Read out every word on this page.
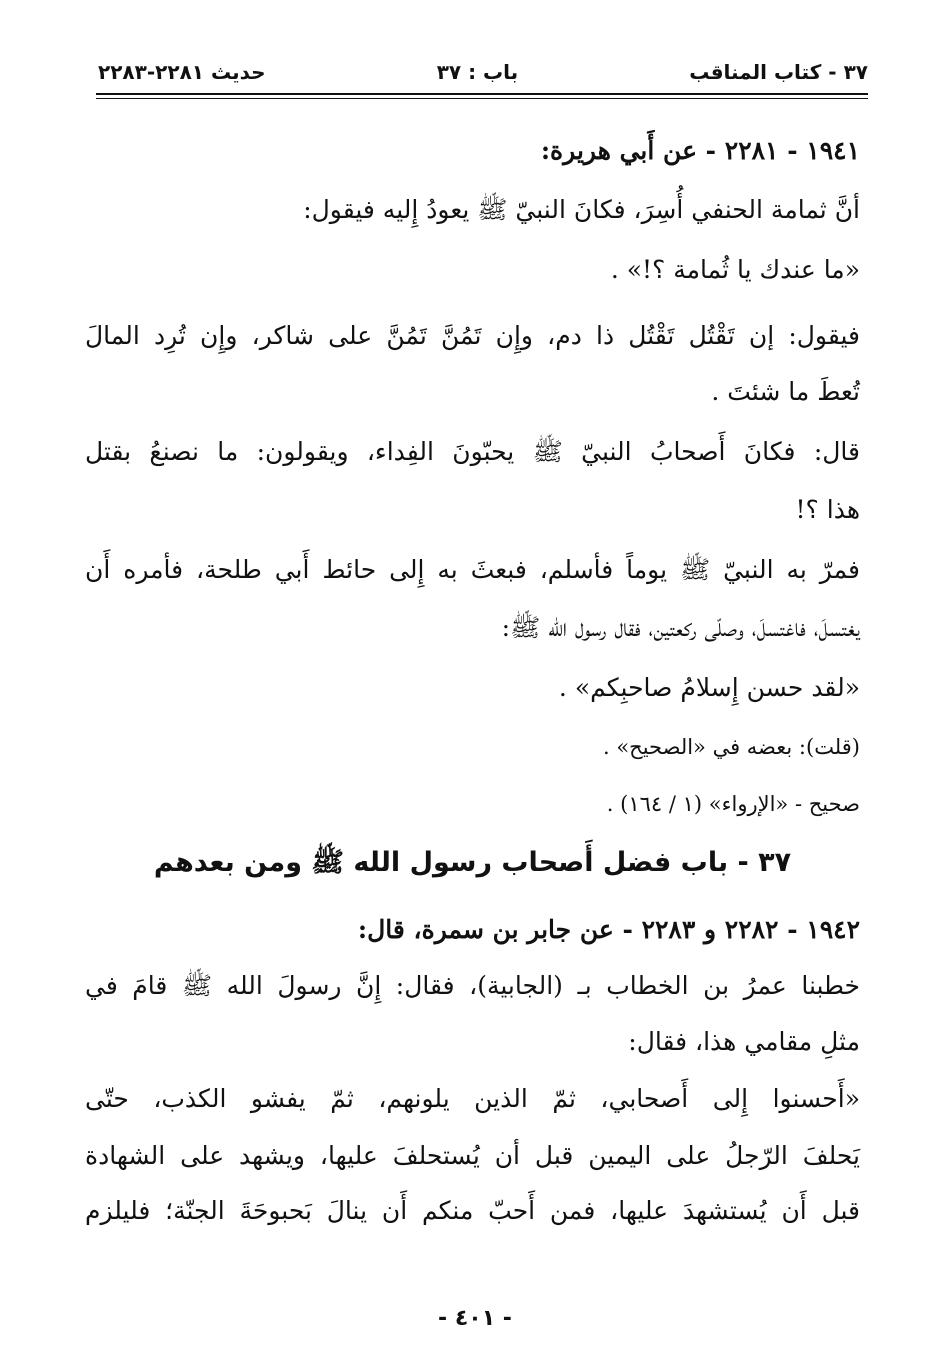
٣٧ - كتاب المناقب
باب : ٣٧
حديث ٢٢٨١-٢٢٨٣
١٩٤١ - ٢٢٨١ - عن أَبي هريرة:
أنَّ ثمامة الحنفي أُسِرَ، فكانَ النبيّ ﷺ يعودُ إِليه فيقول:
«ما عندك يا ثُمامة ؟!» .
فيقول: إن تَقْتُل تَقْتُل ذا دم، وإِن تَمُنَّ تَمُنَّ على شاكر، وإِن تُرِد المالَ
تُعطَ ما شئتَ .
قال: فكانَ أَصحابُ النبيّ ﷺ يحبّونَ الفِداء، ويقولون: ما نصنعُ بقتل
هذا ؟!
فمرّ به النبيّ ﷺ يوماً فأسلم، فبعثَ به إِلى حائط أَبي طلحة، فأمره أَن
يغتسلَ، فاغتسلَ، وصلّى ركعتين، فقال رسول الله ﷺ:
«لقد حسن إِسلامُ صاحبِكم» .
(قلت): بعضه في «الصحيح» .
صحيح - «الإرواء» (١ / ١٦٤) .
٣٧ - باب فضل أَصحاب رسول الله ﷺ ومن بعدهم
١٩٤٢ - ٢٢٨٢ و ٢٢٨٣ - عن جابر بن سمرة، قال:
خطبنا عمرُ بن الخطاب بـ (الجابية)، فقال: إِنَّ رسولَ الله ﷺ قامَ في
مثلِ مقامي هذا، فقال:
«أَحسنوا إِلى أَصحابي، ثمّ الذين يلونهم، ثمّ يفشو الكذب، حتّى
يَحلفَ الرّجلُ على اليمين قبل أن يُستحلفَ عليها، ويشهد على الشهادة
قبل أَن يُستشهدَ عليها، فمن أَحبّ منكم أَن ينالَ بَحبوحَةَ الجنّة؛ فليلزم
- ٤٠١ -
